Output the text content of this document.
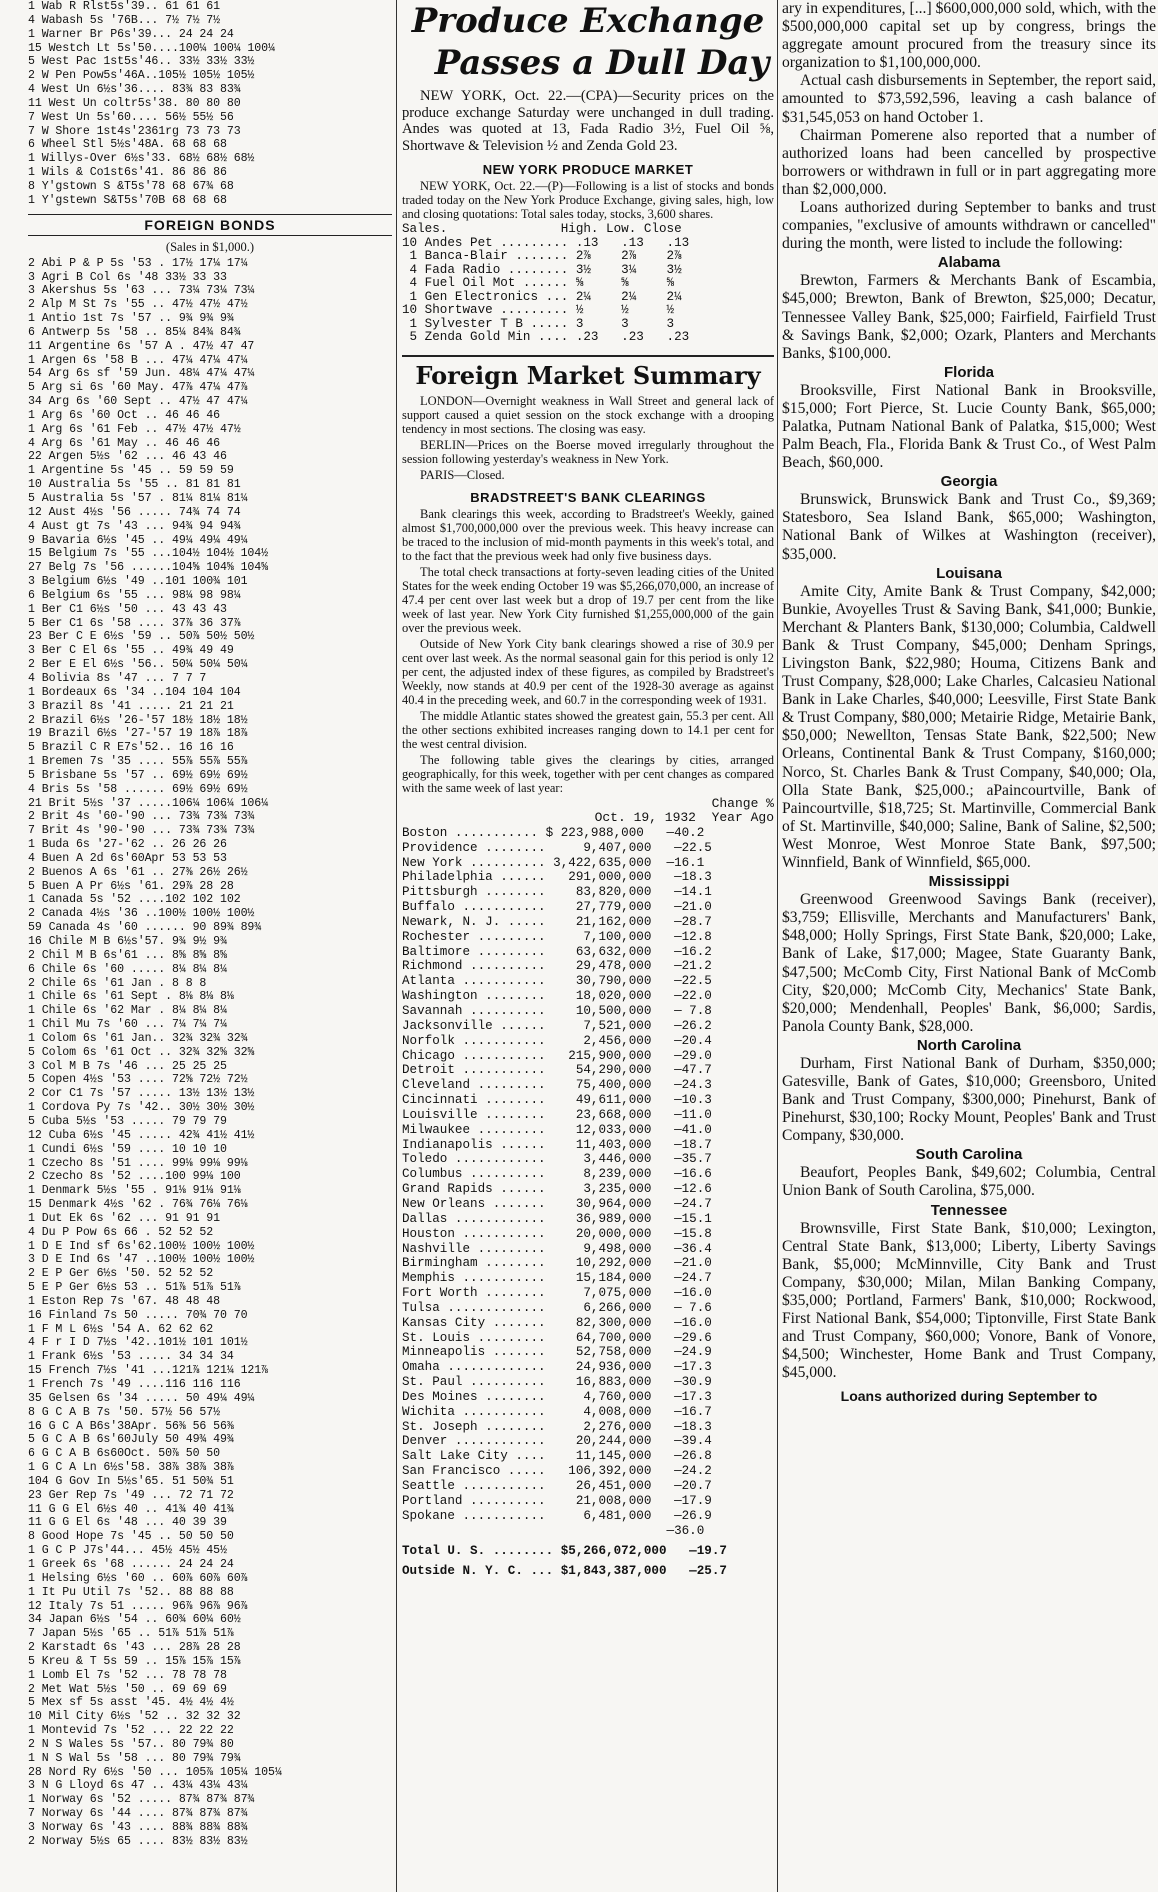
1 Wab R Rlst5s'39.. 61 61 61
4 Wabash 5s '76B... 7½ 7½ 7½
1 Warner Br P6s'39... 24 24 24
15 Westch Lt 5s'50....100¼ 100¼ 100¼
5 West Pac 1st5s'46.. 33½ 33½ 33½
2 W Pen Pow5s'46A..105½ 105½ 105½
4 West Un 6½s'36.... 83¾ 83 83¾
11 West Un coltr5s'38. 80 80 80
7 West Un 5s'60.... 56½ 55½ 56
7 W Shore 1st4s'2361rg 73 73 73
6 Wheel Stl 5½s'48A. 68 68 68
1 Willys-Over 6½s'33. 68½ 68½ 68½
1 Wils & Co1st6s'41. 86 86 86
8 Y'gstown S &T5s'78 68 67¾ 68
1 Y'gstewn S&T5s'70B 68 68 68
FOREIGN BONDS
(Sales in $1,000.)
2 Abi P & P 5s '53 . 17½ 17¼ 17¼
3 Agri B Col 6s '48 33½ 33 33
3 Akershus 5s '63 ... 73¼ 73¼ 73¼
2 Alp M St 7s '55 .. 47½ 47½ 47½
1 Antio 1st 7s '57 .. 9¾ 9¾ 9¾
6 Antwerp 5s '58 .. 85¼ 84¾ 84¾
11 Argentine 6s '57 A . 47½ 47 47
1 Argen 6s '58 B ... 47¼ 47¼ 47¼
54 Arg 6s sf '59 Jun. 48¼ 47¼ 47¼
5 Arg si 6s '60 May. 47⅞ 47¼ 47⅞
34 Arg 6s '60 Sept .. 47½ 47 47¼
1 Arg 6s '60 Oct .. 46 46 46
1 Arg 6s '61 Feb .. 47½ 47½ 47½
4 Arg 6s '61 May .. 46 46 46
22 Argen 5½s '62 ... 46 43 46
1 Argentine 5s '45 .. 59 59 59
10 Australia 5s '55 .. 81 81 81
5 Australia 5s '57 . 81¼ 81¼ 81¼
12 Aust 4½s '56 ..... 74¾ 74 74
4 Aust gt 7s '43 ... 94¾ 94 94¾
9 Bavaria 6½s '45 .. 49¼ 49¼ 49¼
15 Belgium 7s '55 ...104½ 104½ 104½
27 Belg 7s '56 ......104⅝ 104⅝ 104⅝
3 Belgium 6½s '49 ..101 100¾ 101
6 Belgium 6s '55 ... 98¼ 98 98¼
1 Ber C1 6½s '50 ... 43 43 43
5 Ber C1 6s '58 .... 37⅞ 36 37⅞
23 Ber C E 6½s '59 .. 50⅞ 50½ 50½
3 Ber C El 6s '55 .. 49¾ 49 49
2 Ber E El 6½s '56.. 50¼ 50¼ 50¼
4 Bolivia 8s '47 ... 7 7 7
1 Bordeaux 6s '34 ..104 104 104
3 Brazil 8s '41 ..... 21 21 21
2 Brazil 6½s '26-'57 18½ 18½ 18½
19 Brazil 6½s '27-'57 19 18⅞ 18⅞
5 Brazil C R E7s'52.. 16 16 16
1 Bremen 7s '35 .... 55⅞ 55⅞ 55⅞
5 Brisbane 5s '57 .. 69½ 69½ 69½
4 Bris 5s '58 ...... 69½ 69½ 69½
21 Brit 5½s '37 .....106¼ 106¼ 106¼
2 Brit 4s '60-'90 ... 73¾ 73¾ 73¾
7 Brit 4s '90-'90 ... 73¾ 73¾ 73¾
1 Buda 6s '27-'62 .. 26 26 26
4 Buen A 2d 6s'60Apr 53 53 53
2 Buenos A 6s '61 .. 27⅜ 26½ 26½
5 Buen A Pr 6½s '61. 29⅞ 28 28
1 Canada 5s '52 ....102 102 102
2 Canada 4½s '36 ..100½ 100½ 100½
59 Canada 4s '60 ...... 90 89¾ 89¾
16 Chile M B 6½s'57. 9¾ 9½ 9¾
2 Chil M B 6s'61 ... 8⅝ 8⅝ 8⅝
6 Chile 6s '60 ..... 8¼ 8¼ 8¼
2 Chile 6s '61 Jan . 8 8 8
1 Chile 6s '61 Sept . 8⅛ 8⅛ 8⅛
1 Chile 6s '62 Mar . 8¼ 8¼ 8¼
1 Chil Mu 7s '60 ... 7¼ 7¼ 7¼
1 Colom 6s '61 Jan.. 32¾ 32¾ 32¾
5 Colom 6s '61 Oct .. 32¾ 32⅝ 32⅝
3 Col M B 7s '46 ... 25 25 25
5 Copen 4½s '53 .... 72⅝ 72½ 72½
2 Cor C1 7s '57 ..... 13½ 13½ 13½
1 Cordova Py 7s '42.. 30½ 30½ 30½
5 Cuba 5½s '53 ..... 79 79 79
12 Cuba 6½s '45 ..... 42¾ 41½ 41½
1 Cundi 6½s '59 .... 10 10 10
1 Czecho 8s '51 .... 99⅛ 99⅛ 99⅛
2 Czecho 8s '52 ....100 99⅛ 100
1 Denmark 5½s '55 . 91⅛ 91⅛ 91⅛
15 Denmark 4½s '62 . 76¾ 76⅛ 76⅛
1 Dut Ek 6s '62 ... 91 91 91
4 Du P Pow 6s 66 . 52 52 52
1 D E Ind sf 6s'62.100½ 100½ 100½
3 D E Ind 6s '47 ..100½ 100½ 100½
2 E P Ger 6½s '50. 52 52 52
5 E P Ger 6½s 53 .. 51⅞ 51⅞ 51⅞
1 Eston Rep 7s '67. 48 48 48
16 Finland 7s 50 ..... 70¾ 70 70
1 F M L 6½s '54 A. 62 62 62
4 F r I D 7½s '42..101½ 101 101½
1 Frank 6½s '53 ..... 34 34 34
15 French 7½s '41 ...121⅞ 121¼ 121⅞
1 French 7s '49 ....116 116 116
35 Gelsen 6s '34 ..... 50 49¼ 49¼
8 G C A B 7s '50. 57½ 56 57½
16 G C A B6s'38Apr. 56⅜ 56 56⅜
5 G C A B 6s'60July 50 49¾ 49¾
6 G C A B 6s60Oct. 50⅞ 50 50
1 G C A Ln 6½s'58. 38⅞ 38⅞ 38⅞
104 G Gov In 5½s'65. 51 50¾ 51
23 Ger Rep 7s '49 ... 72 71 72
11 G G El 6½s 40 .. 41¾ 40 41¾
11 G G El 6s '48 ... 40 39 39
8 Good Hope 7s '45 .. 50 50 50
1 G C P J7s'44... 45½ 45½ 45½
1 Greek 6s '68 ...... 24 24 24
1 Helsing 6½s '60 .. 60⅞ 60⅞ 60⅞
1 It Pu Util 7s '52.. 88 88 88
12 Italy 7s 51 ..... 96⅞ 96⅞ 96⅞
34 Japan 6½s '54 .. 60¾ 60¼ 60½
7 Japan 5½s '65 .. 51⅞ 51⅞ 51⅞
2 Karstadt 6s '43 ... 28⅞ 28 28
5 Kreu & T 5s 59 .. 15⅞ 15⅞ 15⅞
1 Lomb El 7s '52 ... 78 78 78
2 Met Wat 5½s '50 .. 69 69 69
5 Mex sf 5s asst '45. 4½ 4½ 4½
10 Mil City 6½s '52 .. 32 32 32
1 Montevid 7s '52 ... 22 22 22
2 N S Wales 5s '57.. 80 79¾ 80
1 N S Wal 5s '58 ... 80 79¾ 79¾
28 Nord Ry 6½s '50 ... 105⅞ 105¼ 105¼
3 N G Lloyd 6s 47 .. 43¼ 43¼ 43¼
1 Norway 6s '52 ..... 87¾ 87¾ 87¾
7 Norway 6s '44 .... 87¾ 87¾ 87¾
3 Norway 6s '43 .... 88¾ 88¾ 88¾
2 Norway 5½s 65 .... 83½ 83½ 83½
Produce Exchange
Passes a Dull Day

NEW YORK, Oct. 22.—(CPA)—Security prices on the produce exchange Saturday were unchanged in dull trading. Andes was quoted at 13, Fada Radio 3½, Fuel Oil ⅝, Shortwave & Television ½ and Zenda Gold 23.

NEW YORK PRODUCE MARKET

NEW YORK, Oct. 22.—(P)—Following is a list of stocks and bonds traded today on the New York Produce Exchange, giving sales, high, low and closing quotations: Total sales today, stocks, 3,600 shares.

Sales.               High. Low. Close
10 Andes Pet ......... .13   .13   .13
1 Banca-Blair ....... 2⅞    2⅞    2⅞
4 Fada Radio ........ 3½    3¼    3½
4 Fuel Oil Mot ...... ⅝     ⅝     ⅝
1 Gen Electronics ... 2¼    2¼    2¼
10 Shortwave ......... ½     ½     ½
1 Sylvester T B ..... 3     3     3
5 Zenda Gold Min .... .23   .23   .23
Foreign Market Summary

LONDON—Overnight weakness in Wall Street and general lack of support caused a quiet session on the stock exchange with a drooping tendency in most sections. The closing was easy.

BERLIN—Prices on the Boerse moved irregularly throughout the session following yesterday's weakness in New York.

PARIS—Closed.

BRADSTREET'S BANK CLEARINGS

Bank clearings this week, according to Bradstreet's Weekly, gained almost $1,700,000,000 over the previous week. This heavy increase can be traced to the inclusion of mid-month payments in this week's total, and to the fact that the previous week had only five business days.

The total check transactions at forty-seven leading cities of the United States for the week ending October 19 was $5,266,070,000, an increase of 47.4 per cent over last week but a drop of 19.7 per cent from the like week of last year. New York City furnished $1,255,000,000 of the gain over the previous week.

Outside of New York City bank clearings showed a rise of 30.9 per cent over last week. As the normal seasonal gain for this period is only 12 per cent, the adjusted index of these figures, as compiled by Bradstreet's Weekly, now stands at 40.9 per cent of the 1928-30 average as against 40.4 in the preceding week, and 60.7 in the corresponding week of 1931.

The middle Atlantic states showed the greatest gain, 55.3 per cent. All the other sections exhibited increases ranging down to 14.1 per cent for the west central division.

The following table gives the clearings by cities, arranged geographically, for this week, together with per cent changes as compared with the same week of last year:

Change %
Oct. 19, 1932  Year Ago
Boston ........... $ 223,988,000   —40.2
Providence ........     9,407,000   —22.5
New York .......... 3,422,635,000  —16.1
Philadelphia ......   291,000,000   —18.3
Pittsburgh ........    83,820,000   —14.1
Buffalo ...........    27,779,000   —21.0
Newark, N. J. .....    21,162,000   —28.7
Rochester .........     7,100,000   —12.8
Baltimore .........    63,632,000   —16.2
Richmond ..........    29,478,000   —21.2
Atlanta ...........    30,790,000   —22.5
Washington ........    18,020,000   —22.0
Savannah ..........    10,500,000   — 7.8
Jacksonville ......     7,521,000   —26.2
Norfolk ...........     2,456,000   —20.4
Chicago ...........   215,900,000   —29.0
Detroit ...........    54,290,000   —47.7
Cleveland .........    75,400,000   —24.3
Cincinnati ........    49,611,000   —10.3
Louisville ........    23,668,000   —11.0
Milwaukee .........    12,033,000   —41.0
Indianapolis ......    11,403,000   —18.7
Toledo ............     3,446,000   —35.7
Columbus ..........     8,239,000   —16.6
Grand Rapids ......     3,235,000   —12.6
New Orleans .......    30,964,000   —24.7
Dallas ............    36,989,000   —15.1
Houston ...........    20,000,000   —15.8
Nashville .........     9,498,000   —36.4
Birmingham ........    10,292,000   —21.0
Memphis ...........    15,184,000   —24.7
Fort Worth ........     7,075,000   —16.0
Tulsa .............     6,266,000   — 7.6
Kansas City .......    82,300,000   —16.0
St. Louis .........    64,700,000   —29.6
Minneapolis .......    52,758,000   —24.9
Omaha .............    24,936,000   —17.3
St. Paul ..........    16,883,000   —30.9
Des Moines ........     4,760,000   —17.3
Wichita ...........     4,008,000   —16.7
St. Joseph ........     2,276,000   —18.3
Denver ............    20,244,000   —39.4
Salt Lake City ....    11,145,000   —26.8
San Francisco .....   106,392,000   —24.2
Seattle ...........    26,451,000   —20.7
Portland ..........    21,008,000   —17.9
Spokane ...........     6,481,000   —26.9
—36.0
Total U. S. ........ $5,266,072,000   —19.7
Outside N. Y. C. ... $1,843,387,000   —25.7

ary in expenditures, [...] $600,000,000 sold, which, with the $500,000,000 capital set up by congress, brings the aggregate amount procured from the treasury since its organization to $1,100,000,000.

Actual cash disbursements in September, the report said, amounted to $73,592,596, leaving a cash balance of $31,545,053 on hand October 1.

Chairman Pomerene also reported that a number of authorized loans had been cancelled by prospective borrowers or withdrawn in full or in part aggregating more than $2,000,000.

Loans authorized during September to banks and trust companies, "exclusive of amounts withdrawn or cancelled" during the month, were listed to include the following:

Alabama

Brewton, Farmers & Merchants Bank of Escambia, $45,000; Brewton, Bank of Brewton, $25,000; Decatur, Tennessee Valley Bank, $25,000; Fairfield, Fairfield Trust & Savings Bank, $2,000; Ozark, Planters and Merchants Banks, $100,000.

Florida

Brooksville, First National Bank in Brooksville, $15,000; Fort Pierce, St. Lucie County Bank, $65,000; Palatka, Putnam National Bank of Palatka, $15,000; West Palm Beach, Fla., Florida Bank & Trust Co., of West Palm Beach, $60,000.

Georgia

Brunswick, Brunswick Bank and Trust Co., $9,369; Statesboro, Sea Island Bank, $65,000; Washington, National Bank of Wilkes at Washington (receiver), $35,000.

Louisana

Amite City, Amite Bank & Trust Company, $42,000; Bunkie, Avoyelles Trust & Saving Bank, $41,000; Bunkie, Merchant & Planters Bank, $130,000; Columbia, Caldwell Bank & Trust Company, $45,000; Denham Springs, Livingston Bank, $22,980; Houma, Citizens Bank and Trust Company, $28,000; Lake Charles, Calcasieu National Bank in Lake Charles, $40,000; Leesville, First State Bank & Trust Company, $80,000; Metairie Ridge, Metairie Bank, $50,000; Newellton, Tensas State Bank, $22,500; New Orleans, Continental Bank & Trust Company, $160,000; Norco, St. Charles Bank & Trust Company, $40,000; Ola, Olla State Bank, $25,000.; aPaincourtville, Bank of Paincourtville, $18,725; St. Martinville, Commercial Bank of St. Martinville, $40,000; Saline, Bank of Saline, $2,500; West Monroe, West Monroe State Bank, $97,500; Winnfield, Bank of Winnfield, $65,000.

Mississippi

Greenwood Greenwood Savings Bank (receiver), $3,759; Ellisville, Merchants and Manufacturers' Bank, $48,000; Holly Springs, First State Bank, $20,000; Lake, Bank of Lake, $17,000; Magee, State Guaranty Bank, $47,500; McComb City, First National Bank of McComb City, $20,000; McComb City, Mechanics' State Bank, $20,000; Mendenhall, Peoples' Bank, $6,000; Sardis, Panola County Bank, $28,000.

North Carolina

Durham, First National Bank of Durham, $350,000; Gatesville, Bank of Gates, $10,000; Greensboro, United Bank and Trust Company, $300,000; Pinehurst, Bank of Pinehurst, $30,100; Rocky Mount, Peoples' Bank and Trust Company, $30,000.

South Carolina

Beaufort, Peoples Bank, $49,602; Columbia, Central Union Bank of South Carolina, $75,000.

Tennessee

Brownsville, First State Bank, $10,000; Lexington, Central State Bank, $13,000; Liberty, Liberty Savings Bank, $5,000; McMinnville, City Bank and Trust Company, $30,000; Milan, Milan Banking Company, $35,000; Portland, Farmers' Bank, $10,000; Rockwood, First National Bank, $54,000; Tiptonville, First State Bank and Trust Company, $60,000; Vonore, Bank of Vonore, $4,500; Winchester, Home Bank and Trust Company, $45,000.

Loans authorized during September to
